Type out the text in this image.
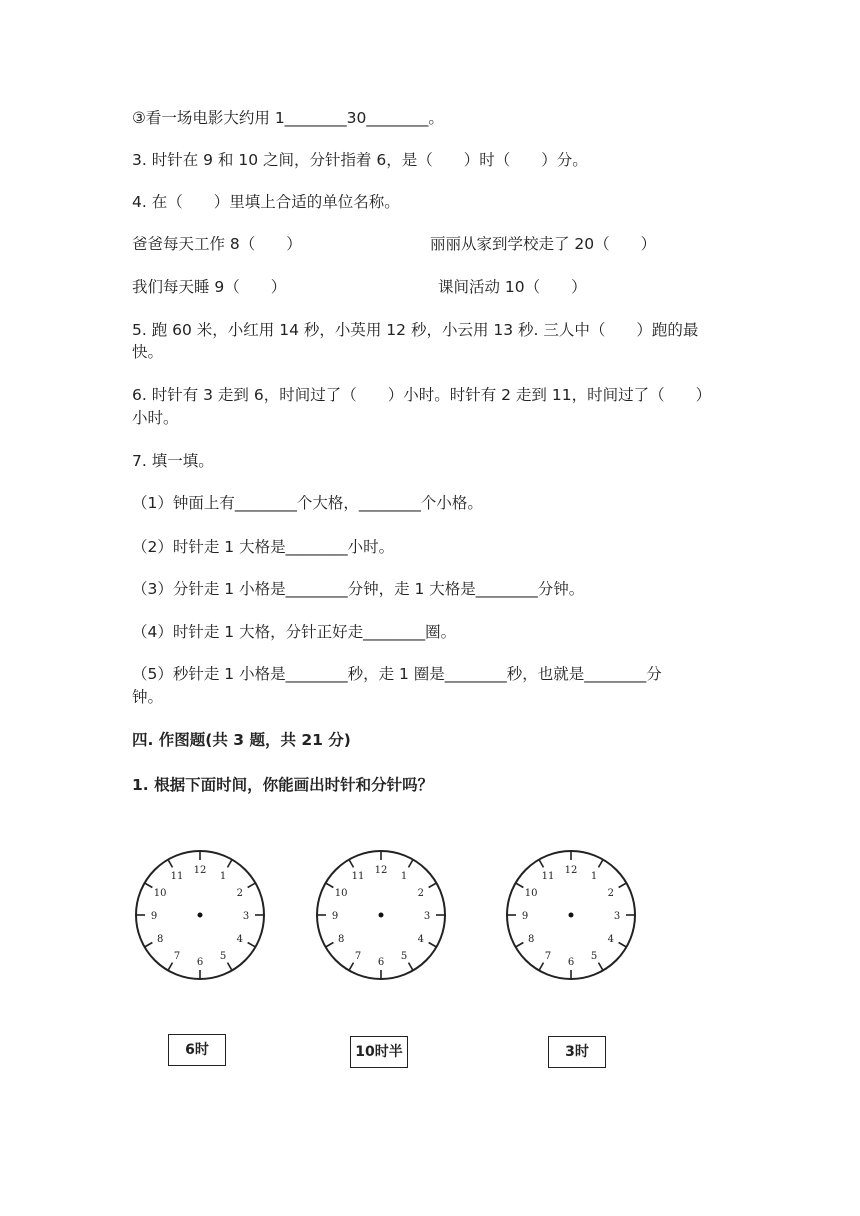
③看一场电影大约用 1________30________。
3. 时针在 9 和 10 之间，分针指着 6，是（　　）时（　　）分。
4. 在（　　）里填上合适的单位名称。
爸爸每天工作 8（　　）	丽丽从家到学校走了 20（　　）
我们每天睡 9（　　）	课间活动 10（　　）
5. 跑 60 米，小红用 14 秒，小英用 12 秒，小云用 13 秒. 三人中（　　）跑的最
快。
6. 时针有 3 走到 6，时间过了（　　）小时。时针有 2 走到 11，时间过了（　　）
小时。
7. 填一填。
（1）钟面上有________个大格，________个小格。
（2）时针走 1 大格是________小时。
（3）分针走 1 小格是________分钟，走 1 大格是________分钟。
（4）时针走 1 大格，分针正好走________圈。
（5）秒针走 1 小格是________秒，走 1 圈是________秒，也就是________分
钟。
四. 作图题(共 3 题，共 21 分)
1. 根据下面时间，你能画出时针和分针吗？
12
1
2
3
4
5
6
7
8
9
10
11
12
1
2
3
4
5
6
7
8
9
10
11
12
1
2
3
4
5
6
7
8
9
10
11
6时	10时半	3时
